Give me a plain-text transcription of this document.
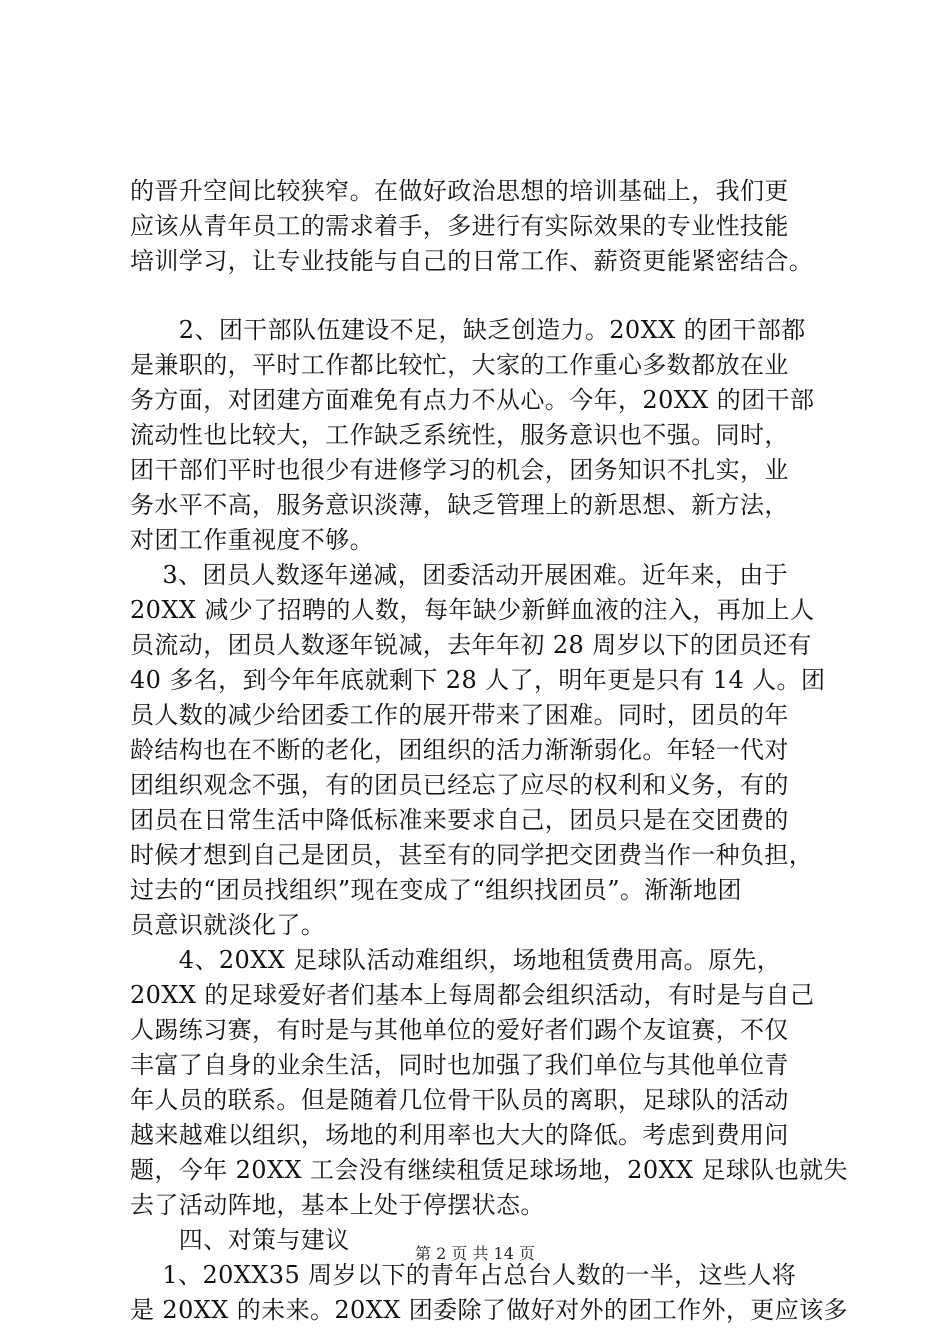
的晋升空间比较狭窄。在做好政治思想的培训基础上，我们更
应该从青年员工的需求着手，多进行有实际效果的专业性技能
培训学习，让专业技能与自己的日常工作、薪资更能紧密结合。
　　2、团干部队伍建设不足，缺乏创造力。20XX 的团干部都
是兼职的，平时工作都比较忙，大家的工作重心多数都放在业
务方面，对团建方面难免有点力不从心。今年，20XX 的团干部
流动性也比较大，工作缺乏系统性，服务意识也不强。同时，
团干部们平时也很少有进修学习的机会，团务知识不扎实，业
务水平不高，服务意识淡薄，缺乏管理上的新思想、新方法，
对团工作重视度不够。
　 3、团员人数逐年递减，团委活动开展困难。近年来，由于
20XX 减少了招聘的人数，每年缺少新鲜血液的注入，再加上人
员流动，团员人数逐年锐减，去年年初 28 周岁以下的团员还有
40 多名，到今年年底就剩下 28 人了，明年更是只有 14 人。团
员人数的减少给团委工作的展开带来了困难。同时，团员的年
龄结构也在不断的老化，团组织的活力渐渐弱化。年轻一代对
团组织观念不强，有的团员已经忘了应尽的权利和义务，有的
团员在日常生活中降低标准来要求自己，团员只是在交团费的
时候才想到自己是团员，甚至有的同学把交团费当作一种负担，
过去的“团员找组织”现在变成了“组织找团员”。渐渐地团
员意识就淡化了。
　　4、20XX 足球队活动难组织，场地租赁费用高。原先，
20XX 的足球爱好者们基本上每周都会组织活动，有时是与自己
人踢练习赛，有时是与其他单位的爱好者们踢个友谊赛，不仅
丰富了自身的业余生活，同时也加强了我们单位与其他单位青
年人员的联系。但是随着几位骨干队员的离职，足球队的活动
越来越难以组织，场地的利用率也大大的降低。考虑到费用问
题，今年 20XX 工会没有继续租赁足球场地，20XX 足球队也就失
去了活动阵地，基本上处于停摆状态。
　　四、对策与建议
　 1、20XX35 周岁以下的青年占总台人数的一半，这些人将
是 20XX 的未来。20XX 团委除了做好对外的团工作外，更应该多
第 2 页 共 14 页
